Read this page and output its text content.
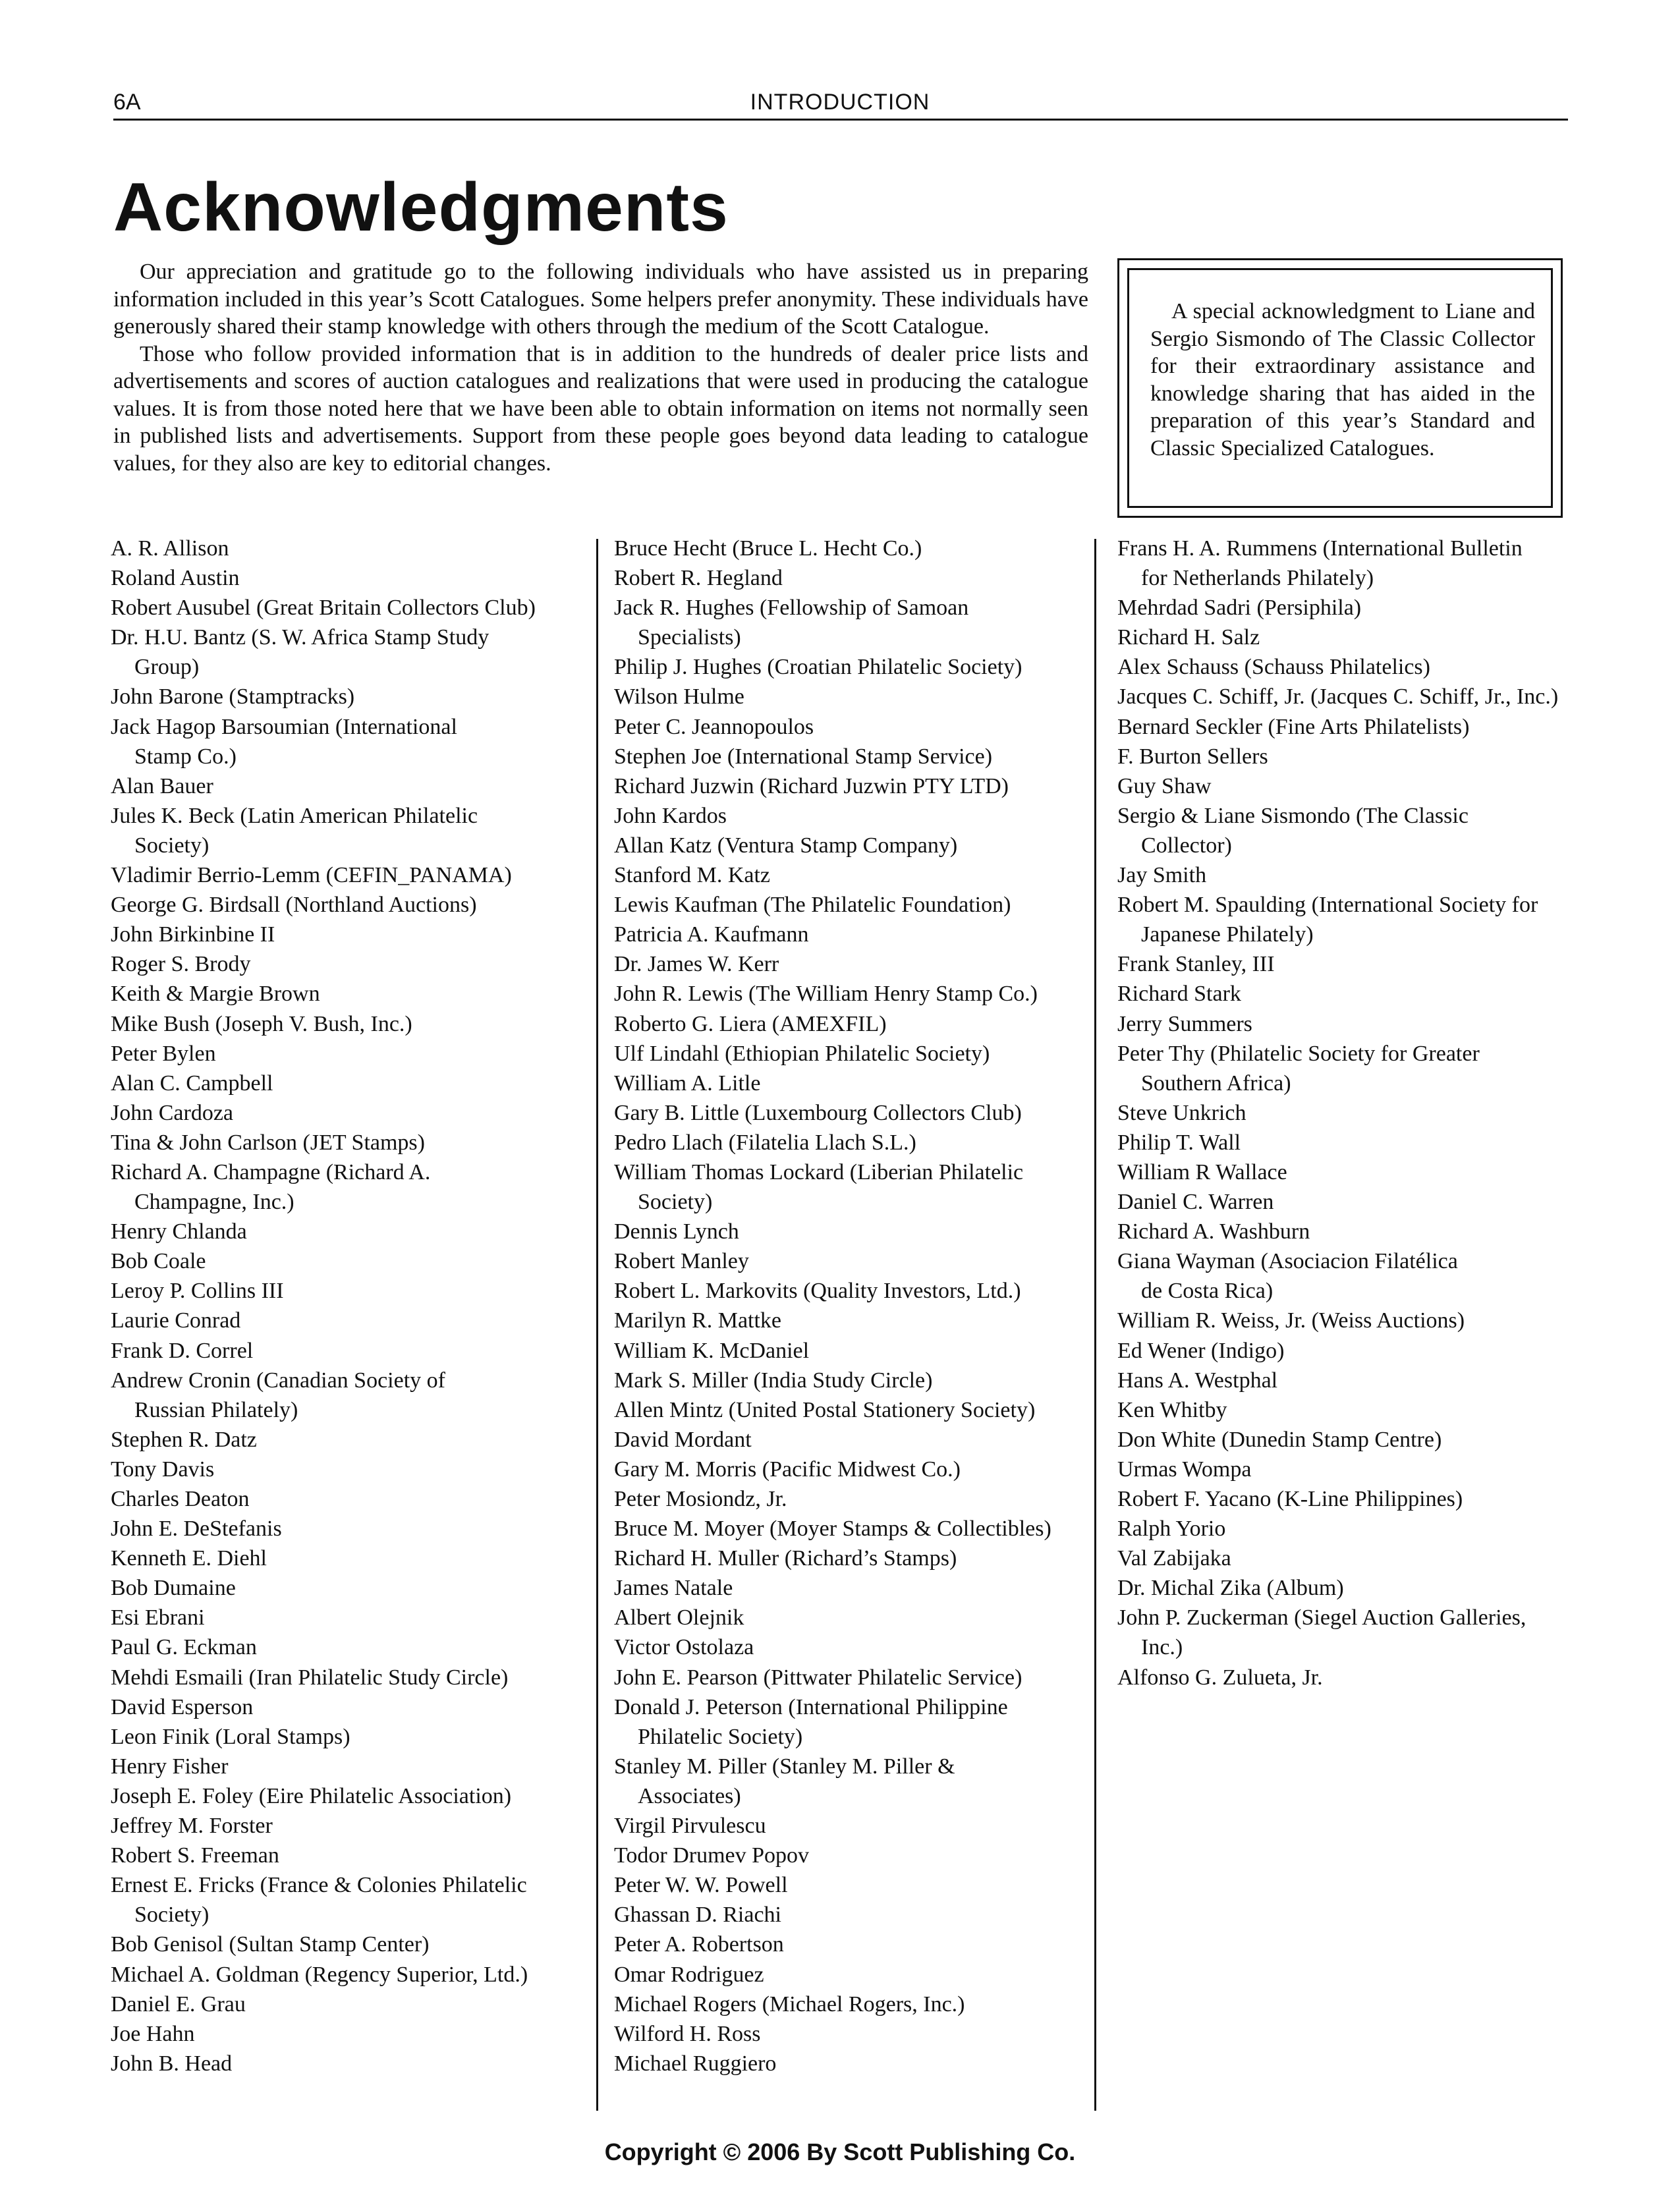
6A	INTRODUCTION
Acknowledgments

Our appreciation and gratitude go to the following individuals who have assisted us in preparing information included in this year’s Scott Catalogues. Some helpers prefer anonymity. These individuals have generously shared their stamp knowledge with others through the medium of the Scott Catalogue.

Those who follow provided information that is in addition to the hundreds of dealer price lists and advertisements and scores of auction catalogues and realizations that were used in producing the catalogue values. It is from those noted here that we have been able to obtain information on items not normally seen in published lists and advertisements. Support from these people goes beyond data leading to catalogue values, for they also are key to editorial changes.

A special acknowledgment to Liane and Sergio Sismondo of The Classic Collector for their extraordinary assistance and knowledge sharing that has aided in the preparation of this year’s Standard and Classic Specialized Catalogues.

A. R. Allison
Roland Austin
Robert Ausubel (Great Britain Collectors Club)
Dr. H.U. Bantz (S. W. Africa Stamp Study
Group)
John Barone (Stamptracks)
Jack Hagop Barsoumian (International
Stamp Co.)
Alan Bauer
Jules K. Beck (Latin American Philatelic
Society)
Vladimir Berrio-Lemm (CEFIN_PANAMA)
George G. Birdsall (Northland Auctions)
John Birkinbine II
Roger S. Brody
Keith & Margie Brown
Mike Bush (Joseph V. Bush, Inc.)
Peter Bylen
Alan C. Campbell
John Cardoza
Tina & John Carlson (JET Stamps)
Richard A. Champagne (Richard A.
Champagne, Inc.)
Henry Chlanda
Bob Coale
Leroy P. Collins III
Laurie Conrad
Frank D. Correl
Andrew Cronin (Canadian Society of
Russian Philately)
Stephen R. Datz
Tony Davis
Charles Deaton
John E. DeStefanis
Kenneth E. Diehl
Bob Dumaine
Esi Ebrani
Paul G. Eckman
Mehdi Esmaili (Iran Philatelic Study Circle)
David Esperson
Leon Finik (Loral Stamps)
Henry Fisher
Joseph E. Foley (Eire Philatelic Association)
Jeffrey M. Forster
Robert S. Freeman
Ernest E. Fricks (France & Colonies Philatelic
Society)
Bob Genisol (Sultan Stamp Center)
Michael A. Goldman (Regency Superior, Ltd.)
Daniel E. Grau
Joe Hahn
John B. Head
Bruce Hecht (Bruce L. Hecht Co.)
Robert R. Hegland
Jack R. Hughes (Fellowship of Samoan
Specialists)
Philip J. Hughes (Croatian Philatelic Society)
Wilson Hulme
Peter C. Jeannopoulos
Stephen Joe (International Stamp Service)
Richard Juzwin (Richard Juzwin PTY LTD)
John Kardos
Allan Katz (Ventura Stamp Company)
Stanford M. Katz
Lewis Kaufman (The Philatelic Foundation)
Patricia A. Kaufmann
Dr. James W. Kerr
John R. Lewis (The William Henry Stamp Co.)
Roberto G. Liera (AMEXFIL)
Ulf Lindahl (Ethiopian Philatelic Society)
William A. Litle
Gary B. Little (Luxembourg Collectors Club)
Pedro Llach (Filatelia Llach S.L.)
William Thomas Lockard (Liberian Philatelic
Society)
Dennis Lynch
Robert Manley
Robert L. Markovits (Quality Investors, Ltd.)
Marilyn R. Mattke
William K. McDaniel
Mark S. Miller (India Study Circle)
Allen Mintz (United Postal Stationery Society)
David Mordant
Gary M. Morris (Pacific Midwest Co.)
Peter Mosiondz, Jr.
Bruce M. Moyer (Moyer Stamps & Collectibles)
Richard H. Muller (Richard’s Stamps)
James Natale
Albert Olejnik
Victor Ostolaza
John E. Pearson (Pittwater Philatelic Service)
Donald J. Peterson (International Philippine
Philatelic Society)
Stanley M. Piller (Stanley M. Piller &
Associates)
Virgil Pirvulescu
Todor Drumev Popov
Peter W. W. Powell
Ghassan D. Riachi
Peter A. Robertson
Omar Rodriguez
Michael Rogers (Michael Rogers, Inc.)
Wilford H. Ross
Michael Ruggiero
Frans H. A. Rummens (International Bulletin
for Netherlands Philately)
Mehrdad Sadri (Persiphila)
Richard H. Salz
Alex Schauss (Schauss Philatelics)
Jacques C. Schiff, Jr. (Jacques C. Schiff, Jr., Inc.)
Bernard Seckler (Fine Arts Philatelists)
F. Burton Sellers
Guy Shaw
Sergio & Liane Sismondo (The Classic
Collector)
Jay Smith
Robert M. Spaulding (International Society for
Japanese Philately)
Frank Stanley, III
Richard Stark
Jerry Summers
Peter Thy (Philatelic Society for Greater
Southern Africa)
Steve Unkrich
Philip T. Wall
William R Wallace
Daniel C. Warren
Richard A. Washburn
Giana Wayman (Asociacion Filatélica
de Costa Rica)
William R. Weiss, Jr. (Weiss Auctions)
Ed Wener (Indigo)
Hans A. Westphal
Ken Whitby
Don White (Dunedin Stamp Centre)
Urmas Wompa
Robert F. Yacano (K-Line Philippines)
Ralph Yorio
Val Zabijaka
Dr. Michal Zika (Album)
John P. Zuckerman (Siegel Auction Galleries,
Inc.)
Alfonso G. Zulueta, Jr.
Copyright © 2006 By Scott Publishing Co.
